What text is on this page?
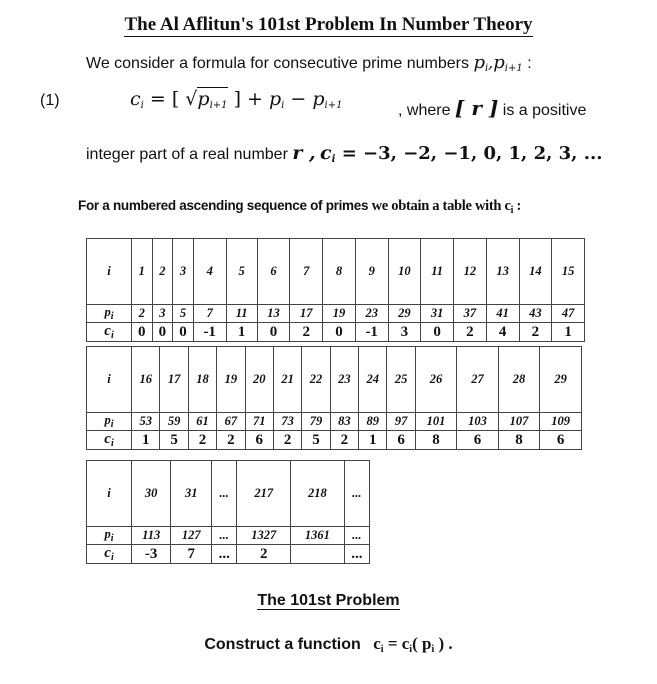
The Al Aflitun's 101st Problem In Number Theory
We consider a formula for consecutive prime numbers $p_i,p_{i+1}$ :
(1)	$c_i$ = [ $√p_{i+1}$ ] + $p_i - p_{i+1}$	, where [ r ] is a positive
integer part of a real number r , $c_i = -3$, −2, −1, 0, 1, 2, 3, ...
For a numbered ascending sequence of primes we obtain a table with $c_i$ :
i	1	2	3	4	5	6	7	8	9	10	11	12	13	14	15
$p_i$	2	3	5	7	11	13	17	19	23	29	31	37	41	43	47
$c_i$	0	0	0	-1	1	0	2	0	-1	3	0	2	4	2	1
i	16	17	18	19	20	21	22	23	24	25	26	27	28	29
$p_i$	53	59	61	67	71	73	79	83	89	97	101	103	107	109
$c_i$	1	5	2	2	6	2	5	2	1	6	8	6	8	6
i	30	31	...	217	218	...
$p_i$	113	127	...	1327	1361	...
$c_i$	-3	7	...	2		...
The 101st Problem
Construct a function $c_i = c_i$( $p_i$ ) .
